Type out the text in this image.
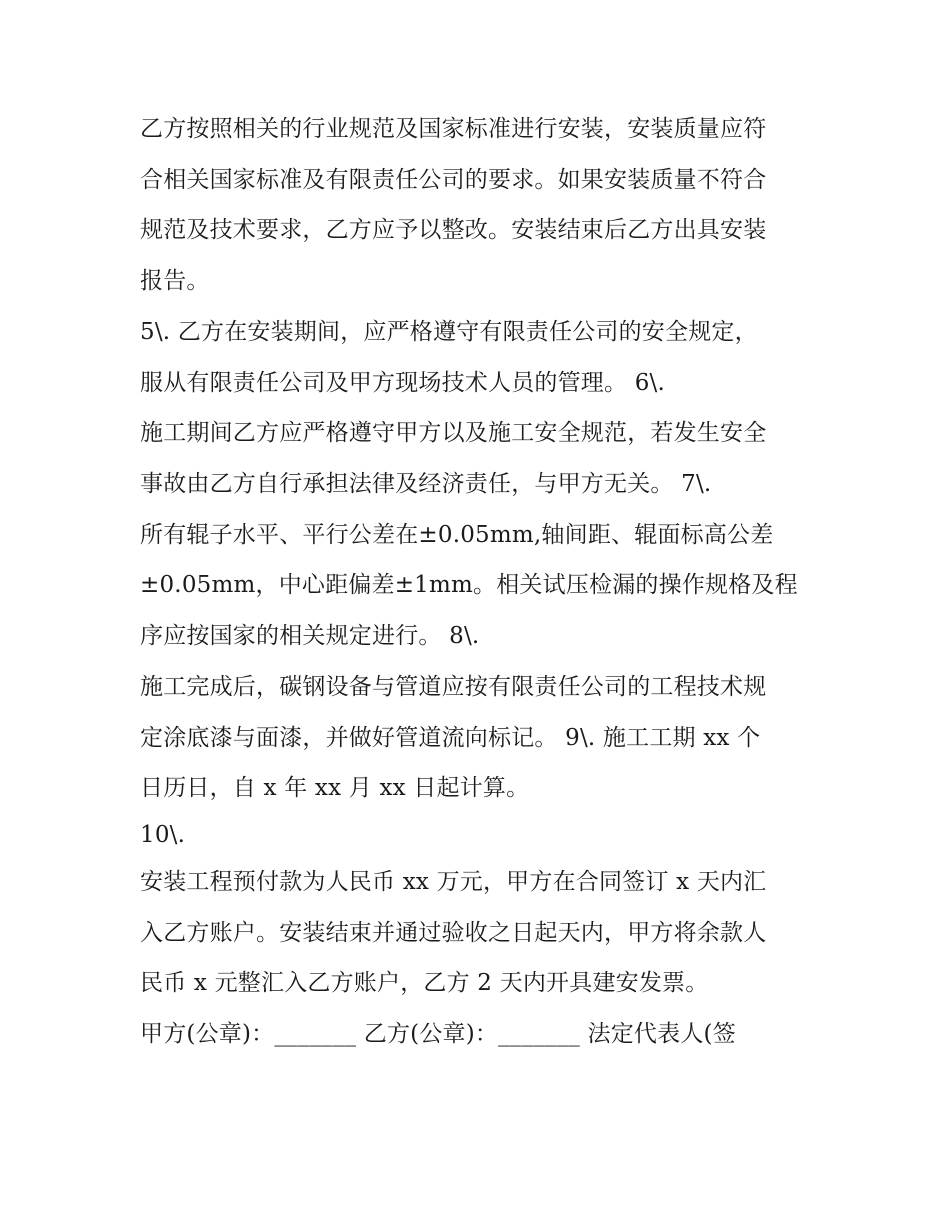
乙方按照相关的行业规范及国家标准进行安装，安装质量应符
合相关国家标准及有限责任公司的要求。如果安装质量不符合
规范及技术要求，乙方应予以整改。安装结束后乙方出具安装
报告。
5\. 乙方在安装期间，应严格遵守有限责任公司的安全规定，
服从有限责任公司及甲方现场技术人员的管理。 6\.
施工期间乙方应严格遵守甲方以及施工安全规范，若发生安全
事故由乙方自行承担法律及经济责任，与甲方无关。 7\.
所有辊子水平、平行公差在±0.05mm,轴间距、辊面标高公差
±0.05mm，中心距偏差±1mm。相关试压检漏的操作规格及程
序应按国家的相关规定进行。 8\.
施工完成后，碳钢设备与管道应按有限责任公司的工程技术规
定涂底漆与面漆，并做好管道流向标记。 9\. 施工工期 xx 个
日历日，自 x 年 xx 月 xx 日起计算。
10\.
安装工程预付款为人民币 xx 万元，甲方在合同签订 x 天内汇
入乙方账户。安装结束并通过验收之日起天内，甲方将余款人
民币 x 元整汇入乙方账户，乙方 2 天内开具建安发票。
甲方(公章)：_______ 乙方(公章)：_______ 法定代表人(签
